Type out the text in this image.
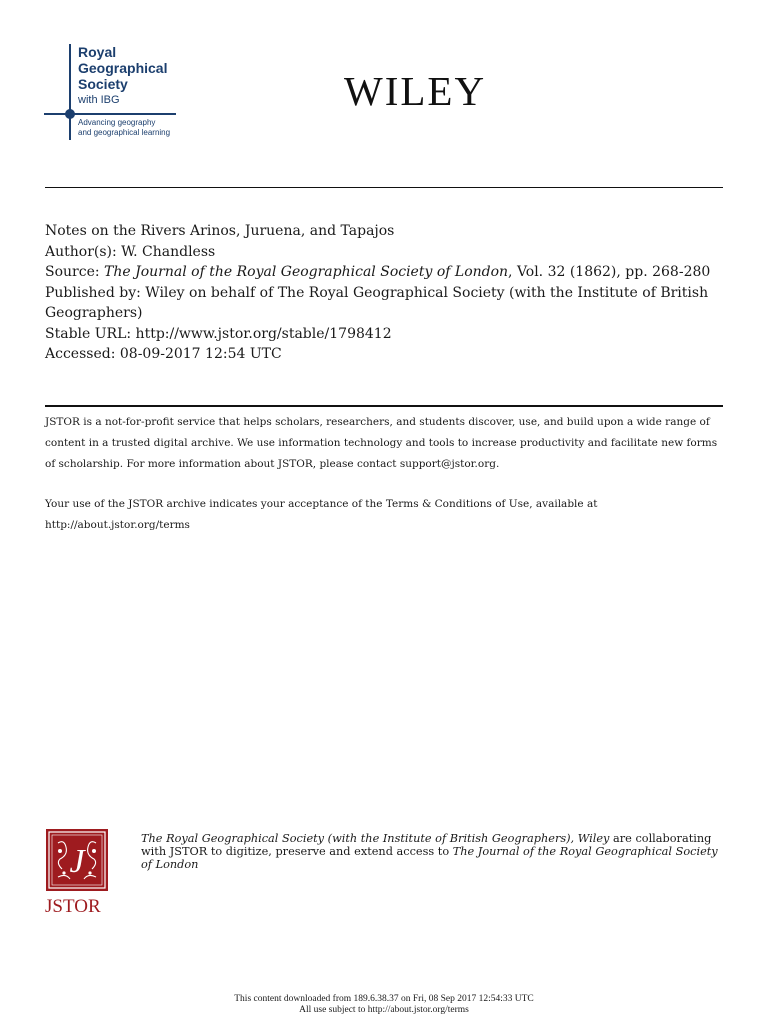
Royal
Geographical
Society
with IBG
Advancing geography
and geographical learning
WILEY

Notes on the Rivers Arinos, Juruena, and Tapajos

Author(s): W. Chandless

Source: The Journal of the Royal Geographical Society of London, Vol. 32 (1862), pp. 268-280

Published by: Wiley on behalf of The Royal Geographical Society (with the Institute of British Geographers)

Stable URL: http://www.jstor.org/stable/1798412

Accessed: 08-09-2017 12:54 UTC

JSTOR is a not-for-profit service that helps scholars, researchers, and students discover, use, and build upon a wide range of content in a trusted digital archive. We use information technology and tools to increase productivity and facilitate new forms of scholarship. For more information about JSTOR, please contact support@jstor.org.

Your use of the JSTOR archive indicates your acceptance of the Terms & Conditions of Use, available at http://about.jstor.org/terms

J
JSTOR

The Royal Geographical Society (with the Institute of British Geographers), Wiley are collaborating with JSTOR to digitize, preserve and extend access to The Journal of the Royal Geographical Society of London

This content downloaded from 189.6.38.37 on Fri, 08 Sep 2017 12:54:33 UTC
All use subject to http://about.jstor.org/terms
